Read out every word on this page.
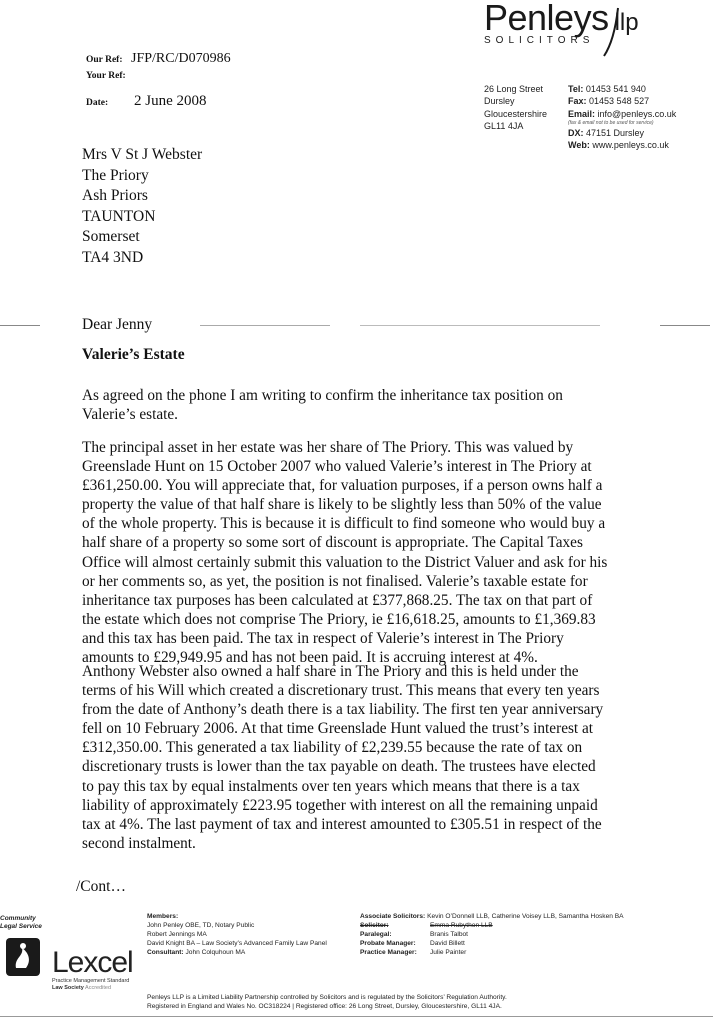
Penleys llp
SOLICITORS
26 Long Street
Dursley
Gloucestershire
GL11 4JA
Tel: 01453 541 940
Fax: 01453 548 527
Email: info@penleys.co.uk
(fax & email not to be used for service)
DX: 47151 Dursley
Web: www.penleys.co.uk
Our Ref: JFP/RC/D070986
Your Ref:
Date: 2 June 2008
Mrs V St J Webster
The Priory
Ash Priors
TAUNTON
Somerset
TA4 3ND
Dear Jenny
Valerie’s Estate
As agreed on the phone I am writing to confirm the inheritance tax position on
Valerie’s estate.
The principal asset in her estate was her share of The Priory. This was valued by
Greenslade Hunt on 15 October 2007 who valued Valerie’s interest in The Priory at
£361,250.00. You will appreciate that, for valuation purposes, if a person owns half a
property the value of that half share is likely to be slightly less than 50% of the value
of the whole property. This is because it is difficult to find someone who would buy a
half share of a property so some sort of discount is appropriate. The Capital Taxes
Office will almost certainly submit this valuation to the District Valuer and ask for his
or her comments so, as yet, the position is not finalised. Valerie’s taxable estate for
inheritance tax purposes has been calculated at £377,868.25. The tax on that part of
the estate which does not comprise The Priory, ie £16,618.25, amounts to £1,369.83
and this tax has been paid. The tax in respect of Valerie’s interest in The Priory
amounts to £29,949.95 and has not been paid. It is accruing interest at 4%.
Anthony Webster also owned a half share in The Priory and this is held under the
terms of his Will which created a discretionary trust. This means that every ten years
from the date of Anthony’s death there is a tax liability. The first ten year anniversary
fell on 10 February 2006. At that time Greenslade Hunt valued the trust’s interest at
£312,350.00. This generated a tax liability of £2,239.55 because the rate of tax on
discretionary trusts is lower than the tax payable on death. The trustees have elected
to pay this tax by equal instalments over ten years which means that there is a tax
liability of approximately £223.95 together with interest on all the remaining unpaid
tax at 4%. The last payment of tax and interest amounted to £305.51 in respect of the
second instalment.
/Cont…
Community Legal Service
Lexcel
Practice Management Standard
Law Society Accredited
Members:
John Penley OBE, TD, Notary Public
Robert Jennings MA
David Knight BA – Law Society’s Advanced Family Law Panel
Consultant: John Colquhoun MA
Associate Solicitors: Kevin O’Donnell LLB, Catherine Voisey LLB, Samantha Hosken BA
Solicitor:	Emma Rubython LLB
Paralegal:	Branis Talbot
Probate Manager: David Billett
Practice Manager: Julie Painter
Penleys LLP is a Limited Liability Partnership controlled by Solicitors and is regulated by the Solicitors’ Regulation Authority.
Registered in England and Wales No. OC318224 | Registered office: 26 Long Street, Dursley, Gloucestershire, GL11 4JA.
